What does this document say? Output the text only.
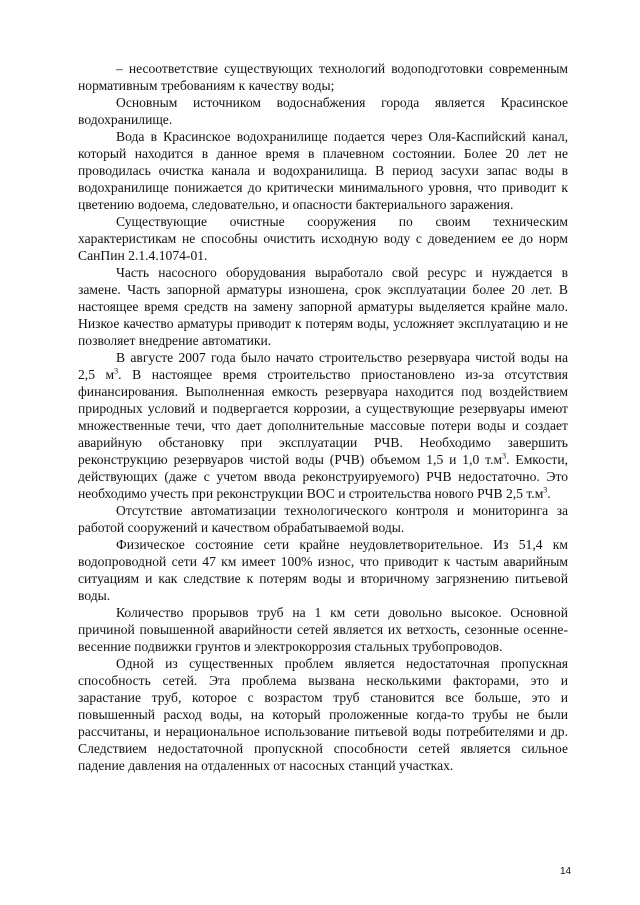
– несоответствие существующих технологий водоподготовки современным нормативным требованиям к качеству воды;

Основным источником водоснабжения города является Красинское водохранилище.

Вода в Красинское водохранилище подается через Оля-Каспийский канал, который находится в данное время в плачевном состоянии. Более 20 лет не проводилась очистка канала и водохранилища. В период засухи запас воды в водохранилище понижается до критически минимального уровня, что приводит к цветению водоема, следовательно, и опасности бактериального заражения.

Существующие очистные сооружения по своим техническим характеристикам не способны очистить исходную воду с доведением ее до норм СанПин 2.1.4.1074-01.

Часть насосного оборудования выработало свой ресурс и нуждается в замене. Часть запорной арматуры изношена, срок эксплуатации более 20 лет. В настоящее время средств на замену запорной арматуры выделяется крайне мало. Низкое качество арматуры приводит к потерям воды, усложняет эксплуатацию и не позволяет внедрение автоматики.

В августе 2007 года было начато строительство резервуара чистой воды на 2,5 $м^3$. В настоящее время строительство приостановлено из-за отсутствия финансирования. Выполненная емкость резервуара находится под воздействием природных условий и подвергается коррозии, а существующие резервуары имеют множественные течи, что дает дополнительные массовые потери воды и создает аварийную обстановку при эксплуатации РЧВ. Необходимо завершить реконструкцию резервуаров чистой воды (РЧВ) объемом 1,5 и 1,0 $т.м^3$. Емкости, действующих (даже с учетом ввода реконструируемого) РЧВ недостаточно. Это необходимо учесть при реконструкции ВОС и строительства нового РЧВ 2,5 $т.м^3$.

Отсутствие автоматизации технологического контроля и мониторинга за работой сооружений и качеством обрабатываемой воды.

Физическое состояние сети крайне неудовлетворительное. Из 51,4 км водопроводной сети 47 км имеет 100% износ, что приводит к частым аварийным ситуациям и как следствие к потерям воды и вторичному загрязнению питьевой воды.

Количество прорывов труб на 1 км сети довольно высокое. Основной причиной повышенной аварийности сетей является их ветхость, сезонные осенне-весенние подвижки грунтов и электрокоррозия стальных трубопроводов.

Одной из существенных проблем является недостаточная пропускная способность сетей. Эта проблема вызвана несколькими факторами, это и зарастание труб, которое с возрастом труб становится все больше, это и повышенный расход воды, на который проложенные когда-то трубы не были рассчитаны, и нерациональное использование питьевой воды потребителями и др. Следствием недостаточной пропускной способности сетей является сильное падение давления на отдаленных от насосных станций участках.

14
